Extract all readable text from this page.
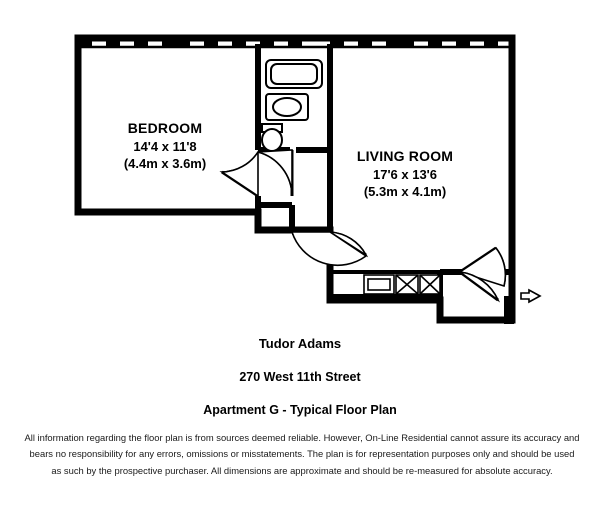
BEDROOM
14'4 x 11'8
(4.4m x 3.6m)	LIVING ROOM
17'6 x 13'6
(5.3m x 4.1m)
Tudor Adams
270 West 11th Street
Apartment G - Typical Floor Plan
All information regarding the floor plan is from sources deemed reliable. However, On-Line Residential cannot assure its accuracy and bears no responsibility for any errors, omissions or misstatements. The plan is for representation purposes only and should be used as such by the prospective purchaser. All dimensions are approximate and should be re-measured for absolute accuracy.
